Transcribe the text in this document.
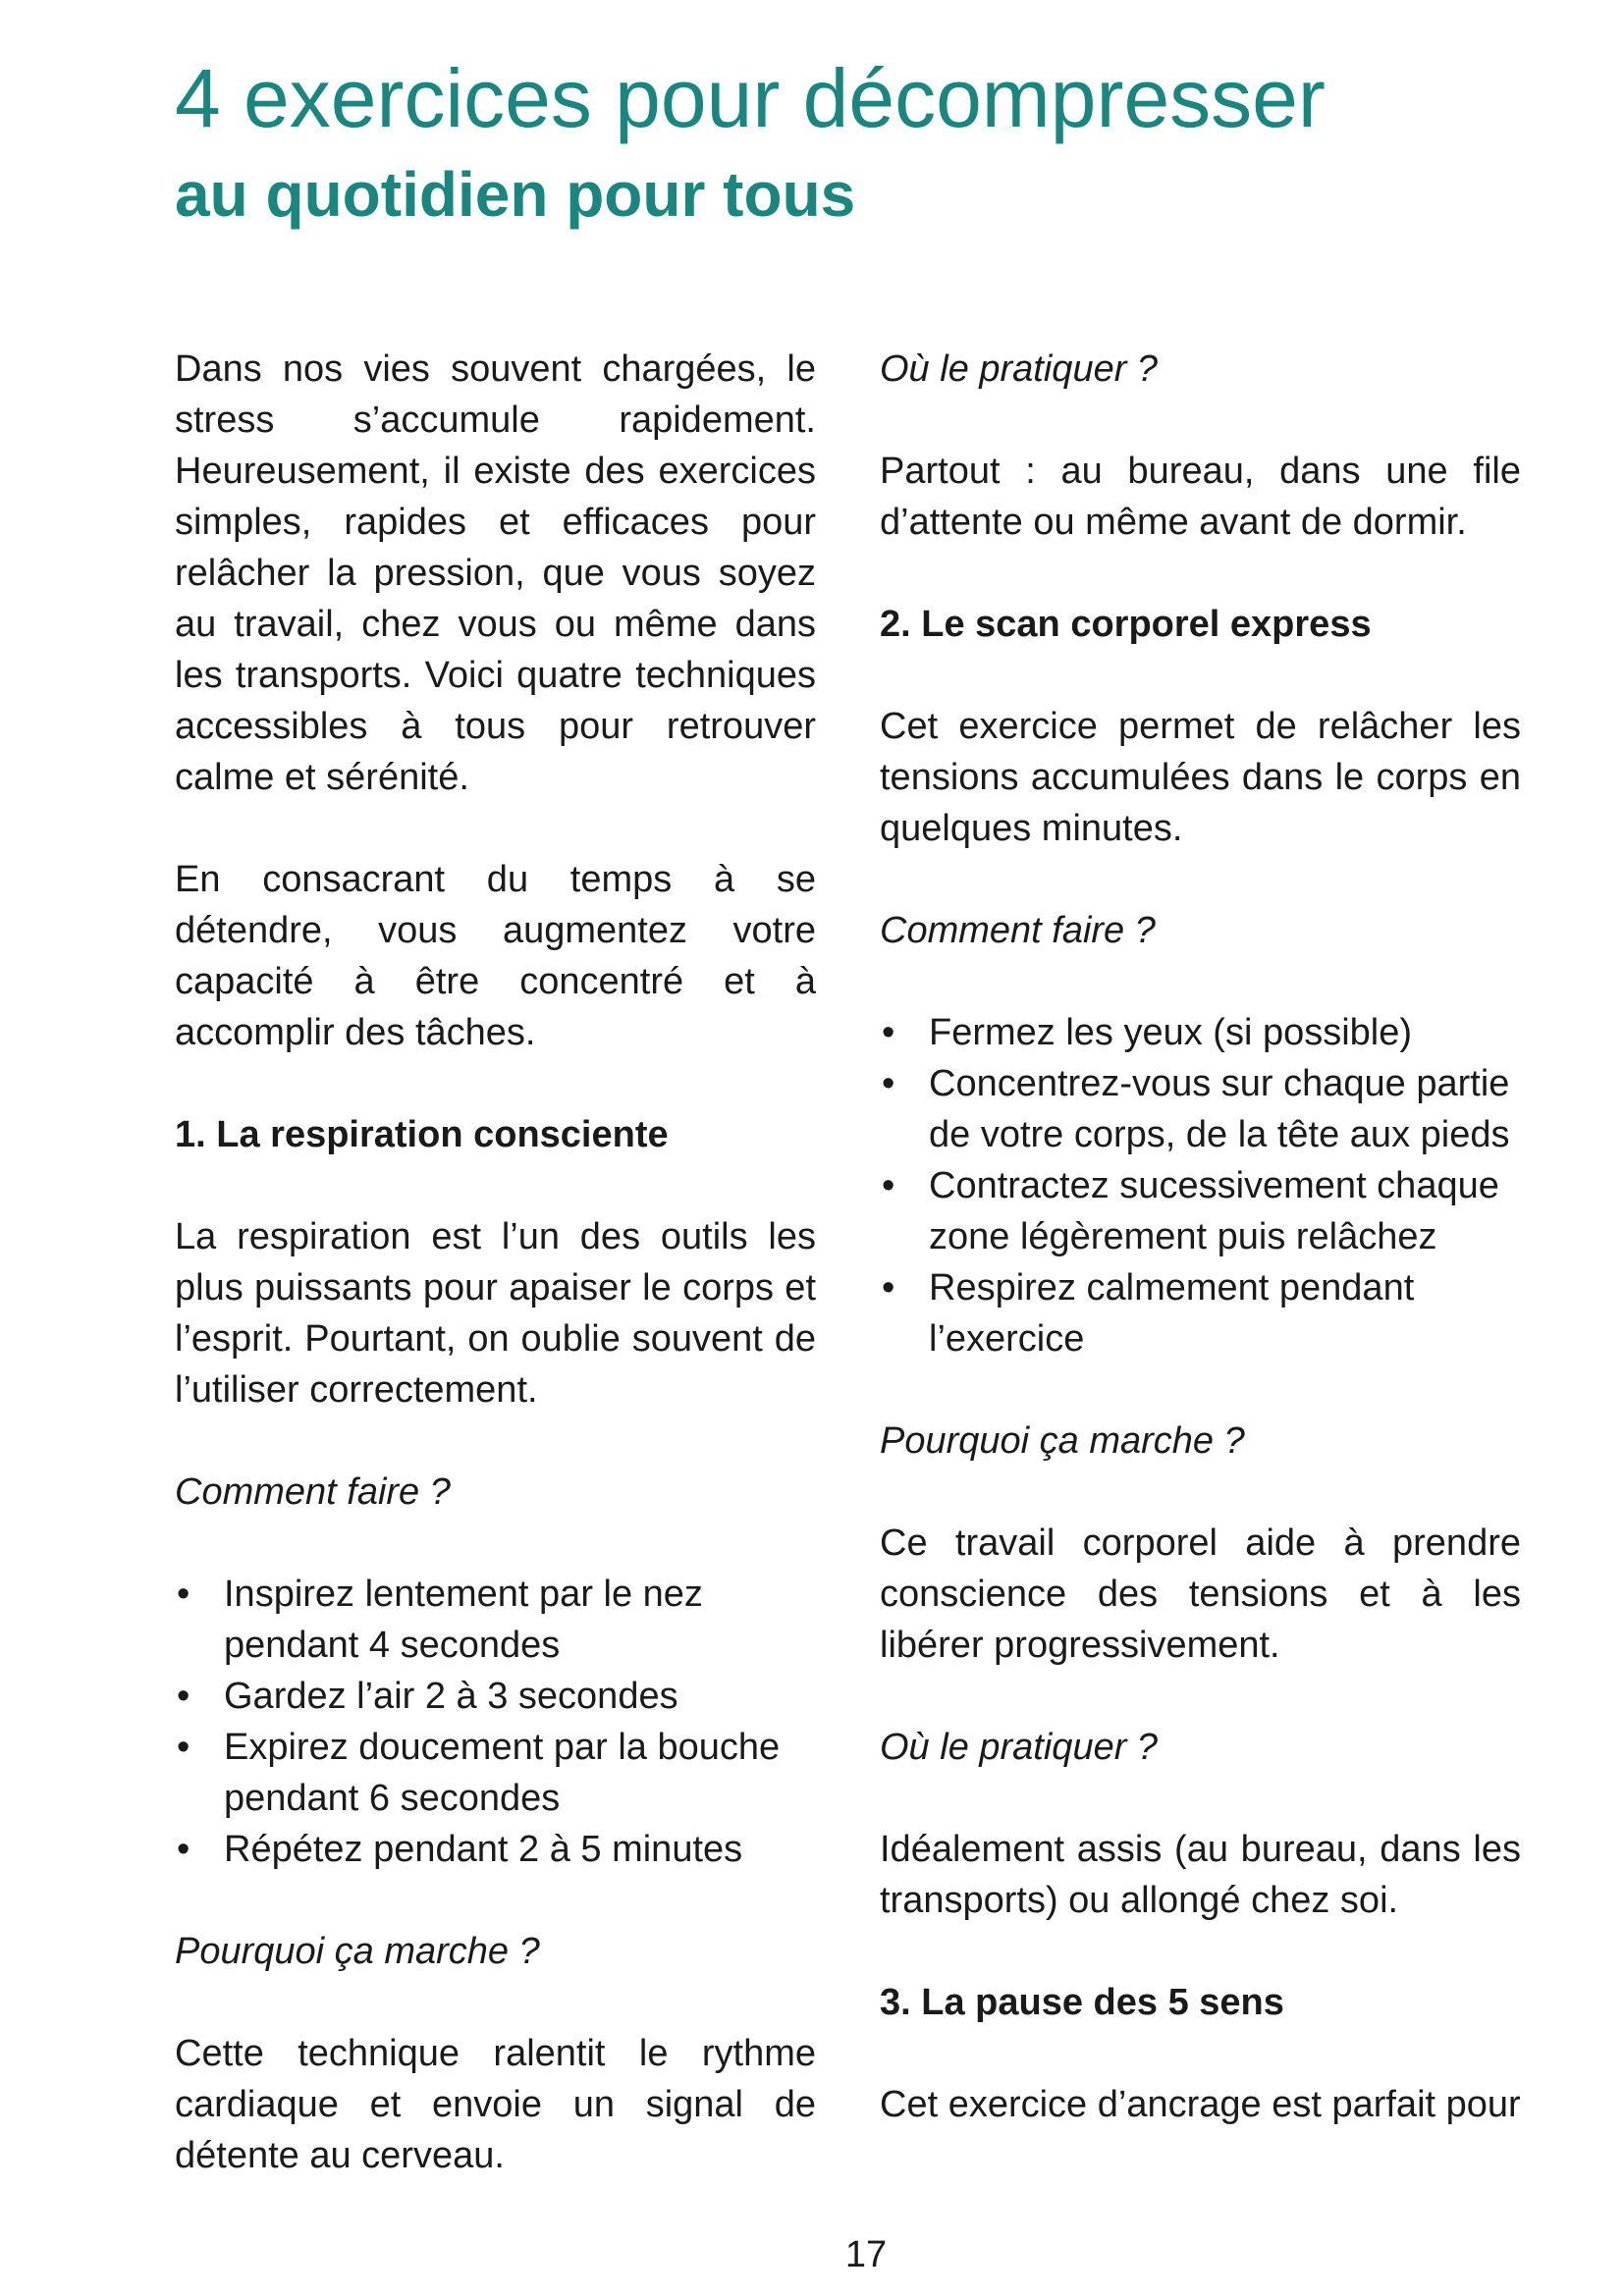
4 exercices pour décompresser
au quotidien pour tous

Dans nos vies souvent chargées, le stress s’accumule rapidement. Heureusement, il existe des exercices simples, rapides et efficaces pour relâcher la pression, que vous soyez au travail, chez vous ou même dans les transports. Voici quatre techniques accessibles à tous pour retrouver calme et sérénité.

En consacrant du temps à se détendre, vous augmentez votre capacité à être concentré et à accomplir des tâches.

1. La respiration consciente

La respiration est l’un des outils les plus puissants pour apaiser le corps et l’esprit. Pourtant, on oublie souvent de l’utiliser correctement.

Comment faire ?

• Inspirez lentement par le nez pendant 4 secondes
• Gardez l’air 2 à 3 secondes
• Expirez doucement par la bouche pendant 6 secondes
• Répétez pendant 2 à 5 minutes

Pourquoi ça marche ?

Cette technique ralentit le rythme cardiaque et envoie un signal de détente au cerveau.

Où le pratiquer ?

Partout : au bureau, dans une file d’attente ou même avant de dormir.

2. Le scan corporel express

Cet exercice permet de relâcher les tensions accumulées dans le corps en quelques minutes.

Comment faire ?

• Fermez les yeux (si possible)
• Concentrez-vous sur chaque partie de votre corps, de la tête aux pieds
• Contractez sucessivement chaque zone légèrement puis relâchez
• Respirez calmement pendant l’exercice

Pourquoi ça marche ?

Ce travail corporel aide à prendre conscience des tensions et à les libérer progressivement.

Où le pratiquer ?

Idéalement assis (au bureau, dans les transports) ou allongé chez soi.

3. La pause des 5 sens

Cet exercice d’ancrage est parfait pour

17
